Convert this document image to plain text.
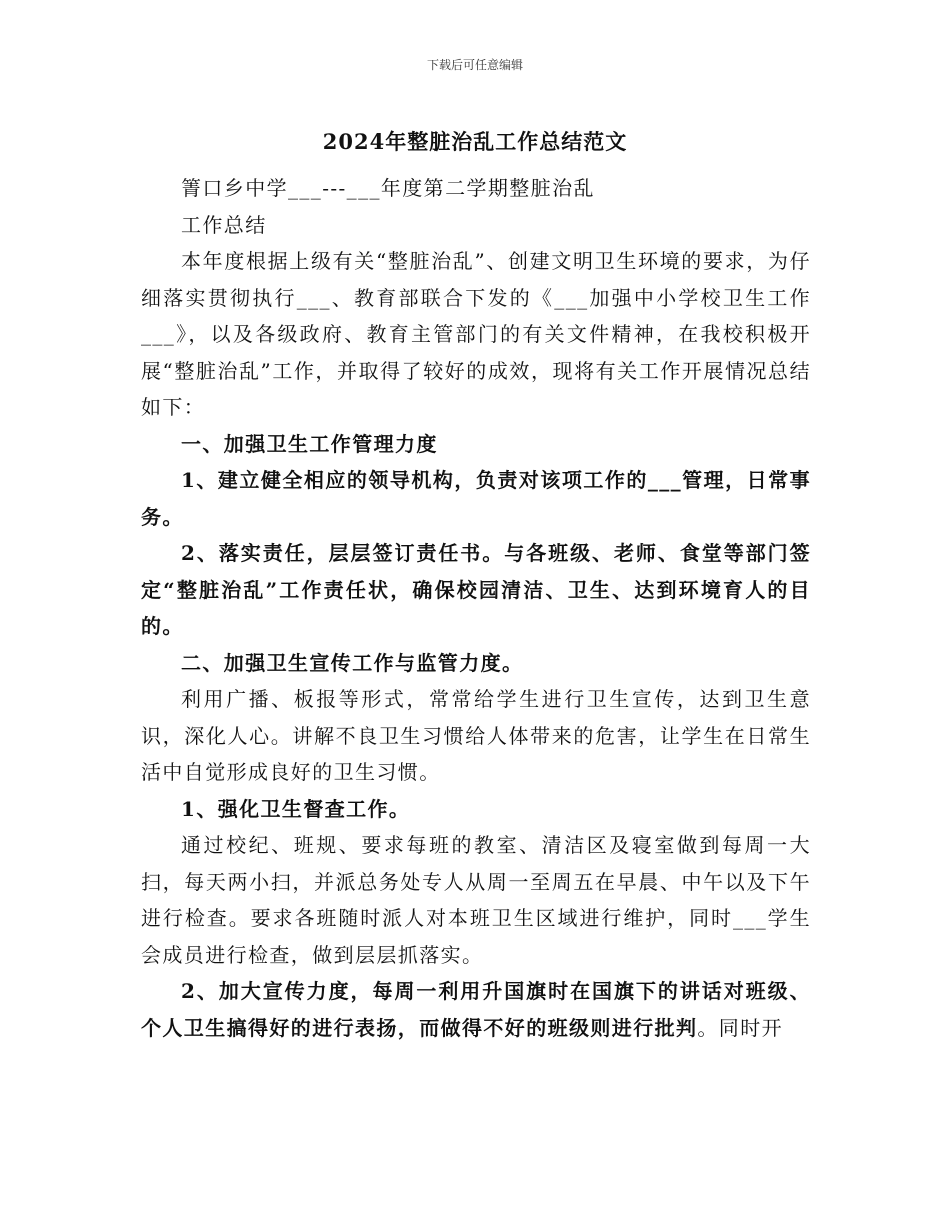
下载后可任意编辑
2024年整脏治乱工作总结范文

箐口乡中学___---___年度第二学期整脏治乱

工作总结

本年度根据上级有关“整脏治乱”、创建文明卫生环境的要求，为仔细落实贯彻执行___、教育部联合下发的《___加强中小学校卫生工作___》，以及各级政府、教育主管部门的有关文件精神，在我校积极开展“整脏治乱”工作，并取得了较好的成效，现将有关工作开展情况总结如下：

一、加强卫生工作管理力度

1、建立健全相应的领导机构，负责对该项工作的___管理，日常事务。

2、落实责任，层层签订责任书。与各班级、老师、食堂等部门签定“整脏治乱”工作责任状，确保校园清洁、卫生、达到环境育人的目的。

二、加强卫生宣传工作与监管力度。

利用广播、板报等形式，常常给学生进行卫生宣传，达到卫生意识，深化人心。讲解不良卫生习惯给人体带来的危害，让学生在日常生活中自觉形成良好的卫生习惯。

1、强化卫生督查工作。

通过校纪、班规、要求每班的教室、清洁区及寝室做到每周一大扫，每天两小扫，并派总务处专人从周一至周五在早晨、中午以及下午进行检查。要求各班随时派人对本班卫生区域进行维护，同时___学生会成员进行检查，做到层层抓落实。

2、加大宣传力度，每周一利用升国旗时在国旗下的讲话对班级、个人卫生搞得好的进行表扬，而做得不好的班级则进行批判。同时开
